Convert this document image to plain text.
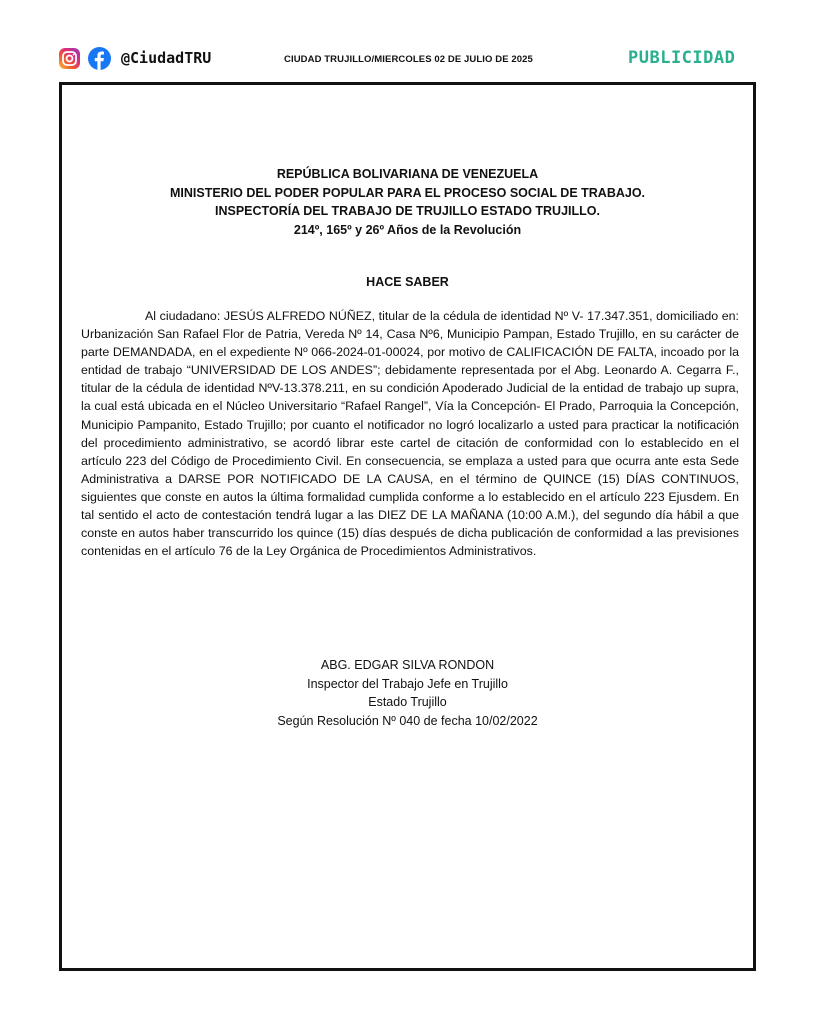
@CiudadTRU	CIUDAD TRUJILLO/MIERCOLES 02 DE JULIO DE 2025	PUBLICIDAD
REPÚBLICA BOLIVARIANA DE VENEZUELA
MINISTERIO DEL PODER POPULAR PARA EL PROCESO SOCIAL DE TRABAJO.
INSPECTORÍA DEL TRABAJO DE TRUJILLO ESTADO TRUJILLO.
214º, 165º y 26º Años de la Revolución
HACE SABER

Al ciudadano: JESÚS ALFREDO NÚÑEZ, titular de la cédula de identidad Nº V- 17.347.351, domiciliado en: Urbanización San Rafael Flor de Patria, Vereda Nº 14, Casa Nº6, Municipio Pampan, Estado Trujillo, en su carácter de parte DEMANDADA, en el expediente Nº 066-2024-01-00024, por motivo de CALIFICACIÓN DE FALTA, incoado por la entidad de trabajo “UNIVERSIDAD DE LOS ANDES”; debidamente representada por el Abg. Leonardo A. Cegarra F., titular de la cédula de identidad NºV-13.378.211, en su condición Apoderado Judicial de la entidad de trabajo up supra, la cual está ubicada en el Núcleo Universitario “Rafael Rangel”, Vía la Concepción- El Prado, Parroquia la Concepción, Municipio Pampanito, Estado Trujillo; por cuanto el notificador no logró localizarlo a usted para practicar la notificación del procedimiento administrativo, se acordó librar este cartel de citación de conformidad con lo establecido en el artículo 223 del Código de Procedimiento Civil. En consecuencia, se emplaza a usted para que ocurra ante esta Sede Administrativa a DARSE POR NOTIFICADO DE LA CAUSA, en el término de QUINCE (15) DÍAS CONTINUOS, siguientes que conste en autos la última formalidad cumplida conforme a lo establecido en el artículo 223 Ejusdem. En tal sentido el acto de contestación tendrá lugar a las DIEZ DE LA MAÑANA (10:00 A.M.), del segundo día hábil a que conste en autos haber transcurrido los quince (15) días después de dicha publicación de conformidad a las previsiones contenidas en el artículo 76 de la Ley Orgánica de Procedimientos Administrativos.

ABG. EDGAR SILVA RONDON
Inspector del Trabajo Jefe en Trujillo
Estado Trujillo
Según Resolución Nº 040 de fecha 10/02/2022
